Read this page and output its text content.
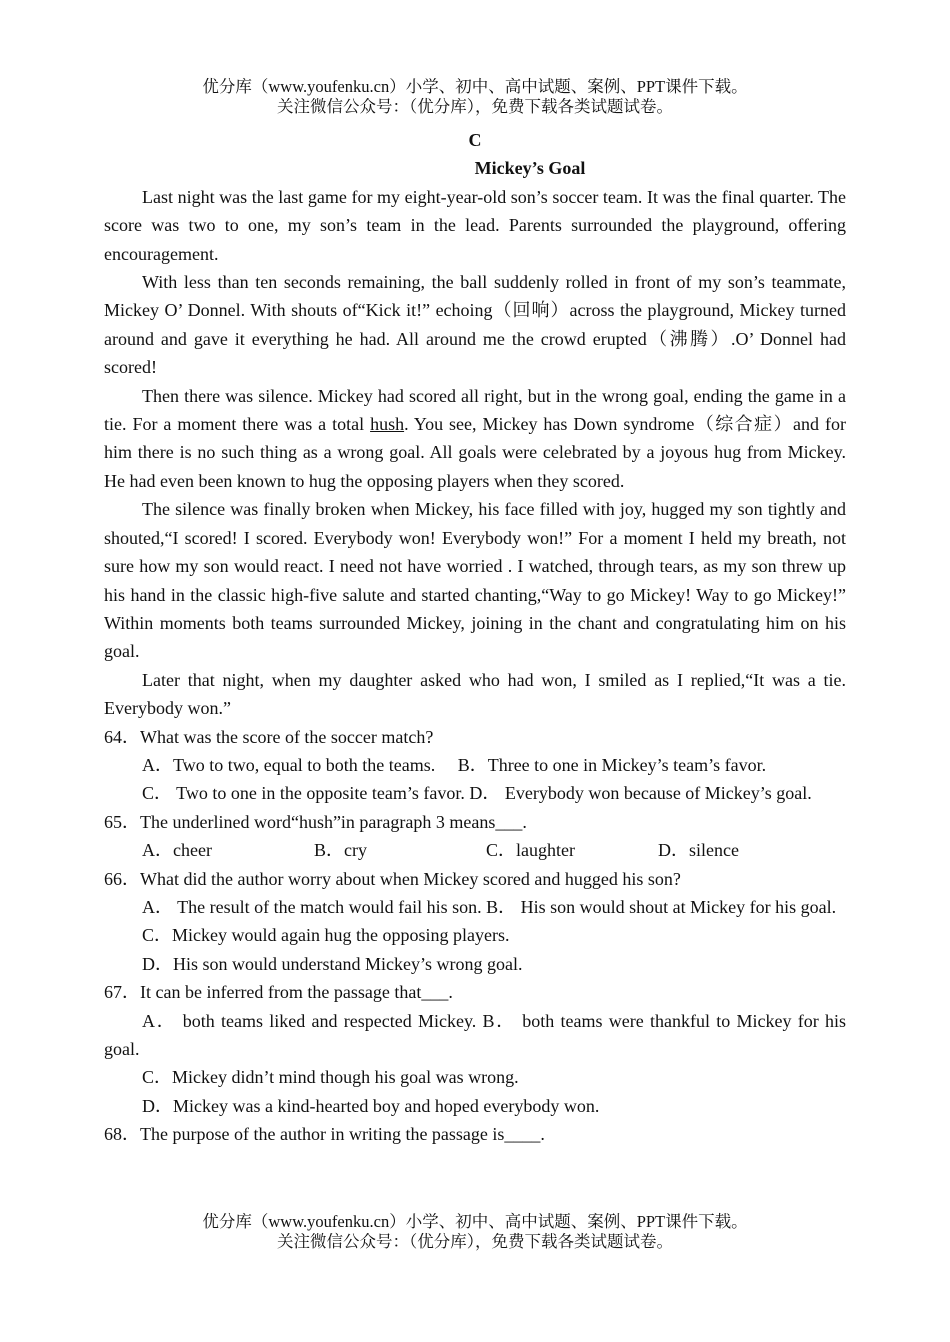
优分库（www.youfenku.cn）小学、初中、高中试题、案例、PPT课件下载。
关注微信公众号：（优分库），免费下载各类试题试卷。
C
Mickey’s Goal

Last night was the last game for my eight-year-old son’s soccer team. It was the final quarter. The score was two to one, my son’s team in the lead. Parents surrounded the playground, offering encouragement.

With less than ten seconds remaining, the ball suddenly rolled in front of my son’s teammate, Mickey O’ Donnel. With shouts of“Kick it!” echoing（回响）across the playground, Mickey turned around and gave it everything he had. All around me the crowd erupted（沸腾）.O’ Donnel had scored!

Then there was silence. Mickey had scored all right, but in the wrong goal, ending the game in a tie. For a moment there was a total hush. You see, Mickey has Down syndrome（综合症）and for him there is no such thing as a wrong goal. All goals were celebrated by a joyous hug from Mickey. He had even been known to hug the opposing players when they scored.

The silence was finally broken when Mickey, his face filled with joy, hugged my son tightly and shouted,“I scored! I scored. Everybody won! Everybody won!” For a moment I held my breath, not sure how my son would react. I need not have worried . I watched, through tears, as my son threw up his hand in the classic high-five salute and started chanting,“Way to go Mickey! Way to go Mickey!” Within moments both teams surrounded Mickey, joining in the chant and congratulating him on his goal.

Later that night, when my daughter asked who had won, I smiled as I replied,“It was a tie. Everybody won.”

64．What was the score of the soccer match?

A．Two to two, equal to both the teams.  B．Three to one in Mickey’s team’s favor.

C． Two to one in the opposite team’s favor. D． Everybody won because of Mickey’s goal.

65．The underlined word“hush”in paragraph 3 means___.

A．cheer	B．cry	C．laughter	D．silence

66．What did the author worry about when Mickey scored and hugged his son?

A． The result of the match would fail his son. B． His son would shout at Mickey for his goal.

C．Mickey would again hug the opposing players.

D．His son would understand Mickey’s wrong goal.

67．It can be inferred from the passage that___.

A． both teams liked and respected Mickey. B． both teams were thankful to Mickey for his goal.

C．Mickey didn’t mind though his goal was wrong.

D．Mickey was a kind-hearted boy and hoped everybody won.

68．The purpose of the author in writing the passage is____.

优分库（www.youfenku.cn）小学、初中、高中试题、案例、PPT课件下载。
关注微信公众号：（优分库），免费下载各类试题试卷。
